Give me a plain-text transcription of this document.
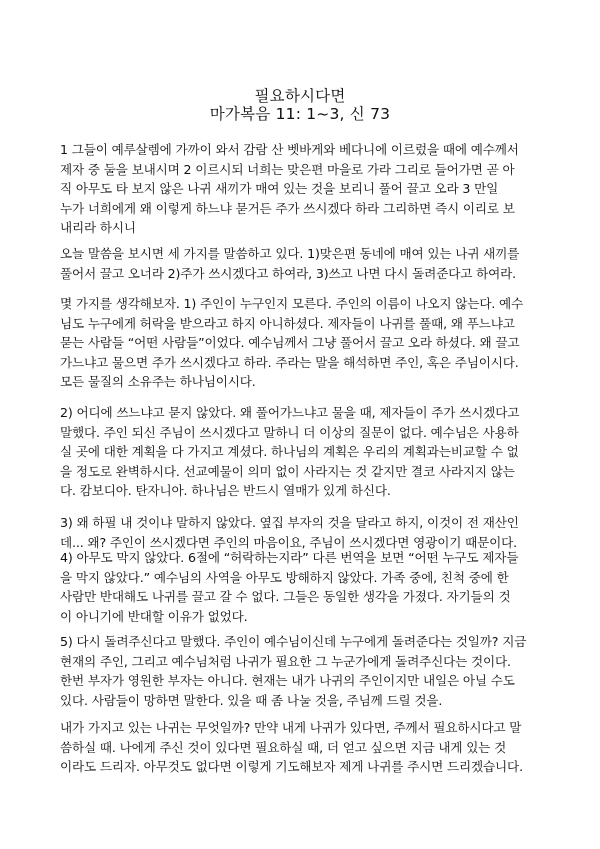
필요하시다면
마가복음 11: 1~3, 신 73
1 그들이 예루살렘에 가까이 와서 감람 산 벳바게와 베다니에 이르렀을 때에 예수께서
제자 중 둘을 보내시며 2 이르시되 너희는 맞은편 마을로 가라 그리로 들어가면 곧 아
직 아무도 타 보지 않은 나귀 새끼가 매여 있는 것을 보리니 풀어 끌고 오라 3 만일
누가 너희에게 왜 이렇게 하느냐 묻거든 주가 쓰시겠다 하라 그리하면 즉시 이리로 보
내리라 하시니
오늘 말씀을 보시면 세 가지를 말씀하고 있다. 1)맞은편 동네에 매여 있는 나귀 새끼를
풀어서 끌고 오너라 2)주가 쓰시겠다고 하여라, 3)쓰고 나면 다시 돌려준다고 하여라.
몇 가지를 생각해보자. 1) 주인이 누구인지 모른다. 주인의 이름이 나오지 않는다. 예수
님도 누구에게 허락을 받으라고 하지 아니하셨다. 제자들이 나귀를 풀때, 왜 푸느냐고
묻는 사람들 “어떤 사람들”이었다. 예수님께서 그냥 풀어서 끌고 오라 하셨다. 왜 끌고
가느냐고 물으면 주가 쓰시겠다고 하라. 주라는 말을 해석하면 주인, 혹은 주님이시다.
모든 물질의 소유주는 하나님이시다.
2) 어디에 쓰느냐고 묻지 않았다. 왜 풀어가느냐고 물을 때, 제자들이 주가 쓰시겠다고
말했다. 주인 되신 주님이 쓰시겠다고 말하니 더 이상의 질문이 없다. 예수님은 사용하
실 곳에 대한 계획을 다 가지고 계셨다. 하나님의 계획은 우리의 계획과는비교할 수 없
을 정도로 완벽하시다. 선교예물이 의미 없이 사라지는 것 같지만 결코 사라지지 않는
다. 캄보디아. 탄자니아. 하나님은 반드시 열매가 있게 하신다.
3) 왜 하필 내 것이냐 말하지 않았다. 옆집 부자의 것을 달라고 하지, 이것이 전 재산인
데... 왜? 주인이 쓰시겠다면 주인의 마음이요, 주님이 쓰시겠다면 영광이기 때문이다.
4) 아무도 막지 않았다. 6절에 “허락하는지라” 다른 번역을 보면 “어떤 누구도 제자들
을 막지 않았다.” 예수님의 사역을 아무도 방해하지 않았다. 가족 중에, 친척 중에 한
사람만 반대해도 나귀를 끌고 갈 수 없다. 그들은 동일한 생각을 가졌다. 자기들의 것
이 아니기에 반대할 이유가 없었다.
5) 다시 돌려주신다고 말했다. 주인이 예수님이신데 누구에게 돌려준다는 것일까? 지금
현재의 주인, 그리고 예수님처럼 나귀가 필요한 그 누군가에게 돌려주신다는 것이다.
한번 부자가 영원한 부자는 아니다. 현재는 내가 나귀의 주인이지만 내일은 아닐 수도
있다. 사람들이 망하면 말한다. 있을 때 좀 나눌 것을, 주님께 드릴 것을.
내가 가지고 있는 나귀는 무엇일까? 만약 내게 나귀가 있다면, 주께서 필요하시다고 말
씀하실 때. 나에게 주신 것이 있다면 필요하실 때, 더 얻고 싶으면 지금 내게 있는 것
이라도 드리자. 아무것도 없다면 이렇게 기도해보자 제게 나귀를 주시면 드리겠습니다.
